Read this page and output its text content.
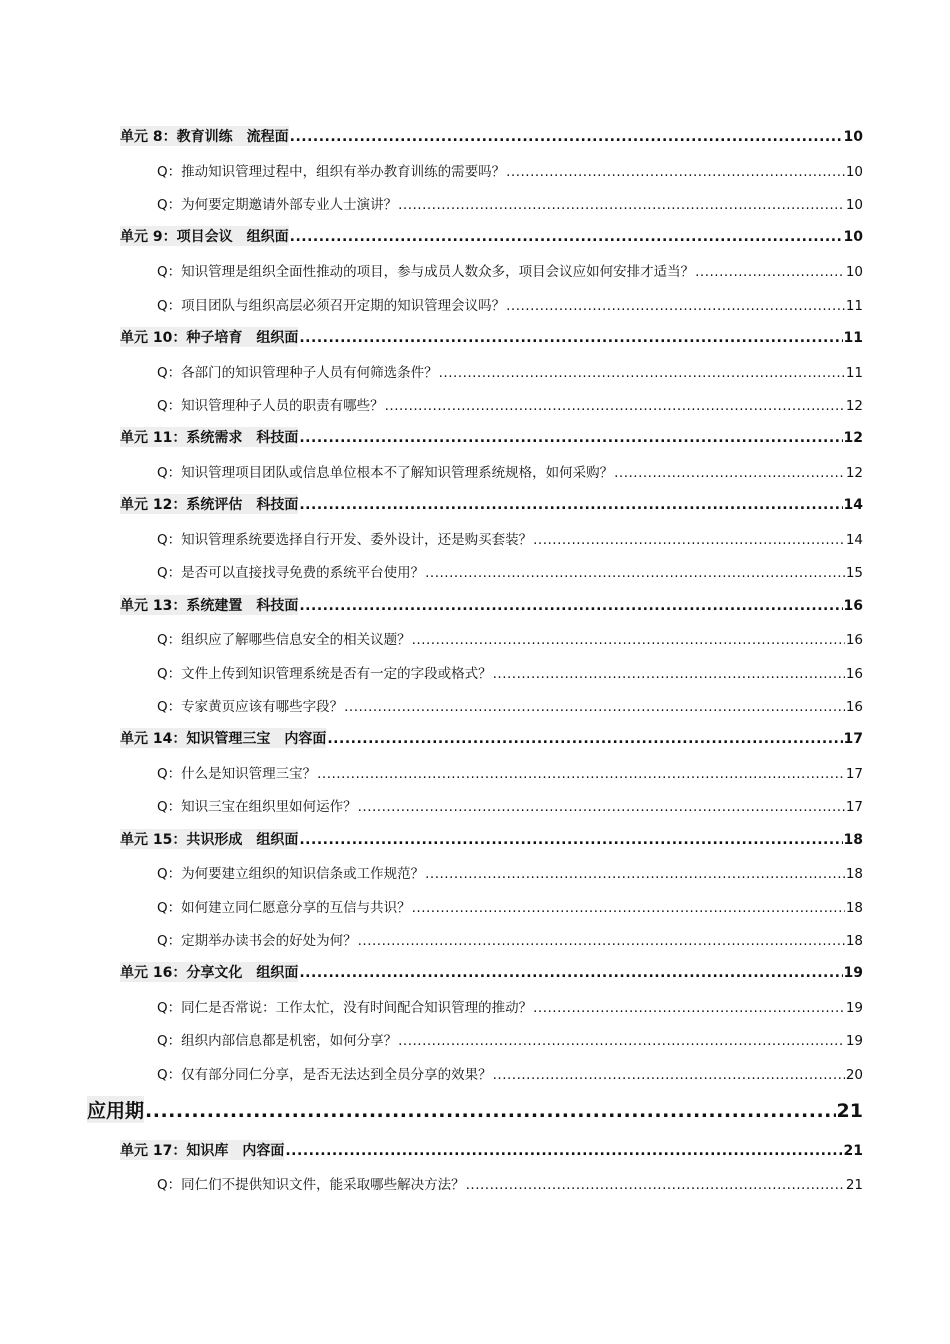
单元 8：教育训练　流程面 .....	10
Q：推动知识管理过程中，组织有举办教育训练的需要吗？ .....	10
Q：为何要定期邀请外部专业人士演讲？ .....	10
单元 9：项目会议　组织面 .....	10
Q：知识管理是组织全面性推动的项目，参与成员人数众多，项目会议应如何安排才适当？ .....	10
Q：项目团队与组织高层必须召开定期的知识管理会议吗？ .....	11
单元 10：种子培育　组织面 .....	11
Q：各部门的知识管理种子人员有何筛选条件？ .....	11
Q：知识管理种子人员的职责有哪些？ .....	12
单元 11：系统需求　科技面 .....	12
Q：知识管理项目团队或信息单位根本不了解知识管理系统规格，如何采购？ .....	12
单元 12：系统评估　科技面 .....	14
Q：知识管理系统要选择自行开发、委外设计，还是购买套装？ .....	14
Q：是否可以直接找寻免费的系统平台使用？ .....	15
单元 13：系统建置　科技面 .....	16
Q：组织应了解哪些信息安全的相关议题？ .....	16
Q：文件上传到知识管理系统是否有一定的字段或格式？ .....	16
Q：专家黄页应该有哪些字段？ .....	16
单元 14：知识管理三宝　内容面 .....	17
Q：什么是知识管理三宝？ .....	17
Q：知识三宝在组织里如何运作？ .....	17
单元 15：共识形成　组织面 .....	18
Q：为何要建立组织的知识信条或工作规范？ .....	18
Q：如何建立同仁愿意分享的互信与共识？ .....	18
Q：定期举办读书会的好处为何？ .....	18
单元 16：分享文化　组织面 .....	19
Q：同仁是否常说：工作太忙，没有时间配合知识管理的推动？ .....	19
Q：组织内部信息都是机密，如何分享？ .....	19
Q：仅有部分同仁分享，是否无法达到全员分享的效果？ .....	20
应用期 .....	21
单元 17：知识库　内容面 .....	21
Q：同仁们不提供知识文件，能采取哪些解决方法？ .....	21
